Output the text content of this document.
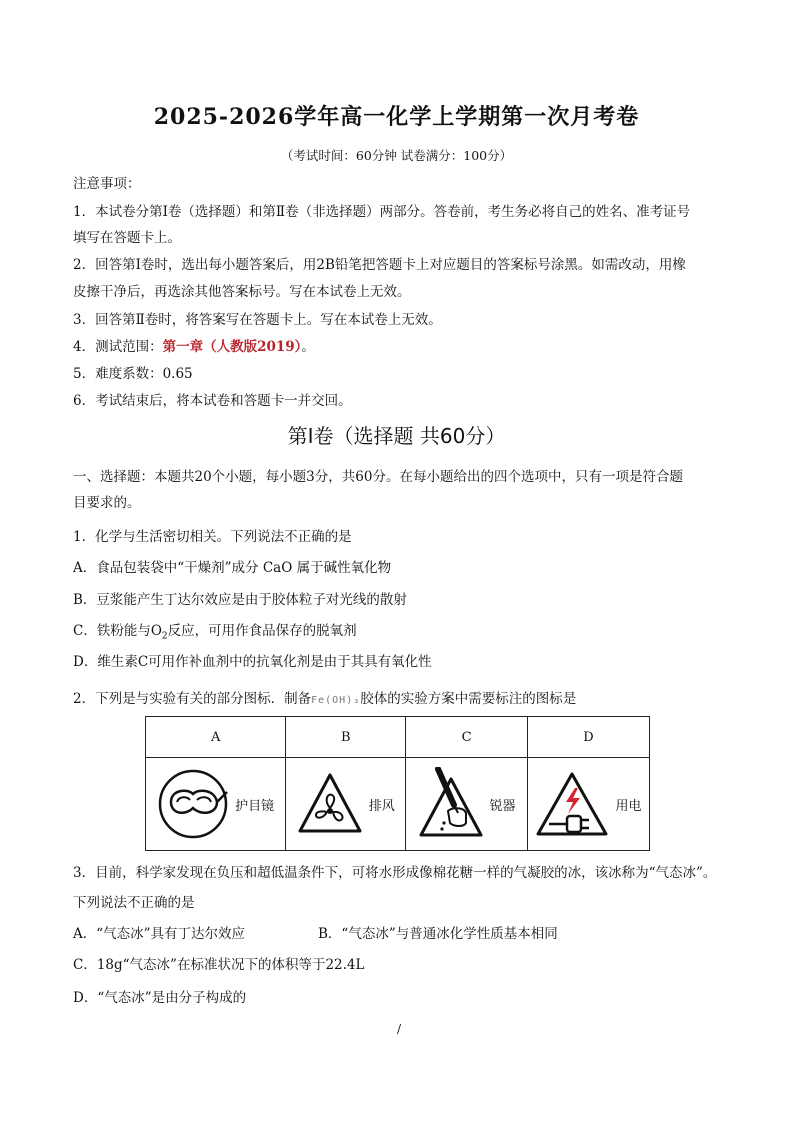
2025-2026学年高一化学上学期第一次月考卷
（考试时间：60分钟 试卷满分：100分）
注意事项：
1．本试卷分第Ⅰ卷（选择题）和第Ⅱ卷（非选择题）两部分。答卷前，考生务必将自己的姓名、准考证号
填写在答题卡上。
2．回答第Ⅰ卷时，选出每小题答案后，用2B铅笔把答题卡上对应题目的答案标号涂黑。如需改动，用橡
皮擦干净后，再选涂其他答案标号。写在本试卷上无效。
3．回答第Ⅱ卷时，将答案写在答题卡上。写在本试卷上无效。
4．测试范围：第一章（人教版2019）。
5．难度系数：0.65
6．考试结束后，将本试卷和答题卡一并交回。
第Ⅰ卷（选择题 共60分）
一、选择题：本题共20个小题，每小题3分，共60分。在每小题给出的四个选项中，只有一项是符合题
目要求的。
1．化学与生活密切相关。下列说法不正确的是
A．食品包装袋中“干燥剂”成分 CaO 属于碱性氧化物
B．豆浆能产生丁达尔效应是由于胶体粒子对光线的散射
C．铁粉能与$O_2$反应，可用作食品保存的脱氧剂
D．维生素C可用作补血剂中的抗氧化剂是由于其具有氧化性
2．下列是与实验有关的部分图标．制备Fe(OH)₃胶体的实验方案中需要标注的图标是
A	B	C	D

护目镜	排风	锐器	用电
3．目前，科学家发现在负压和超低温条件下，可将水形成像棉花糖一样的气凝胶的冰，该冰称为“气态冰”。
下列说法不正确的是
A．“气态冰”具有丁达尔效应	B．“气态冰”与普通冰化学性质基本相同
C．18g“气态冰”在标准状况下的体积等于22.4L
D．“气态冰”是由分子构成的
/
